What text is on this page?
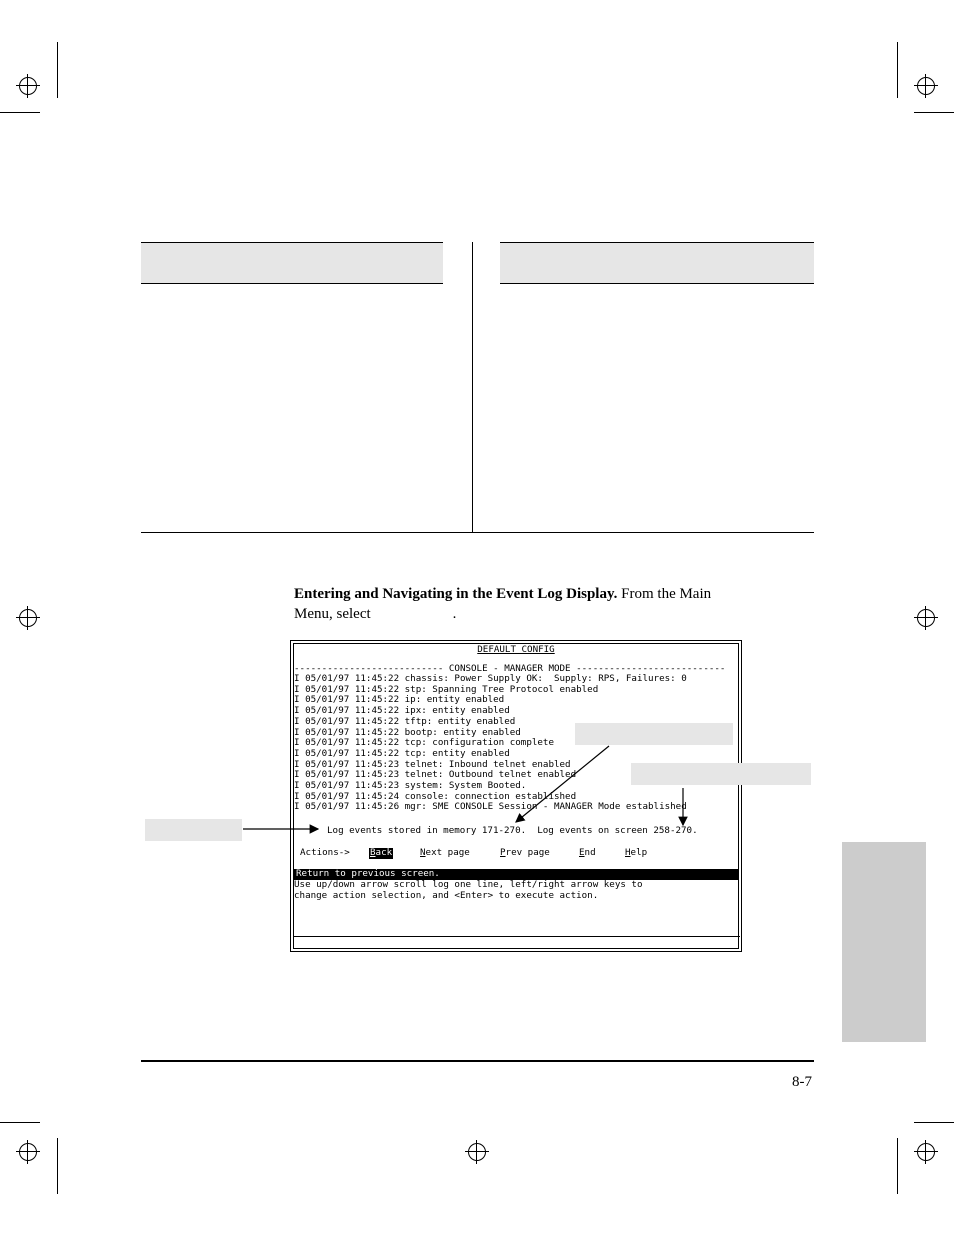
Entering and Navigating in the Event Log Display. From the Main
Menu, select	.
DEFAULT_CONFIG
--------------------------- CONSOLE - MANAGER MODE ---------------------------
I 05/01/97 11:45:22 chassis: Power Supply OK:  Supply: RPS, Failures: 0
I 05/01/97 11:45:22 stp: Spanning Tree Protocol enabled
I 05/01/97 11:45:22 ip: entity enabled
I 05/01/97 11:45:22 ipx: entity enabled
I 05/01/97 11:45:22 tftp: entity enabled
I 05/01/97 11:45:22 bootp: entity enabled
I 05/01/97 11:45:22 tcp: configuration complete
I 05/01/97 11:45:22 tcp: entity enabled
I 05/01/97 11:45:23 telnet: Inbound telnet enabled
I 05/01/97 11:45:23 telnet: Outbound telnet enabled
I 05/01/97 11:45:23 system: System Booted.
I 05/01/97 11:45:24 console: connection established
I 05/01/97 11:45:26 mgr: SME CONSOLE Session - MANAGER Mode established
Log events stored in memory 171-270.  Log events on screen 258-270.
Actions-> Back	Next page	Prev page	End	Help
Return to previous screen.
Use up/down arrow scroll log one line, left/right arrow keys to
change action selection, and <Enter> to execute action.
8-7
